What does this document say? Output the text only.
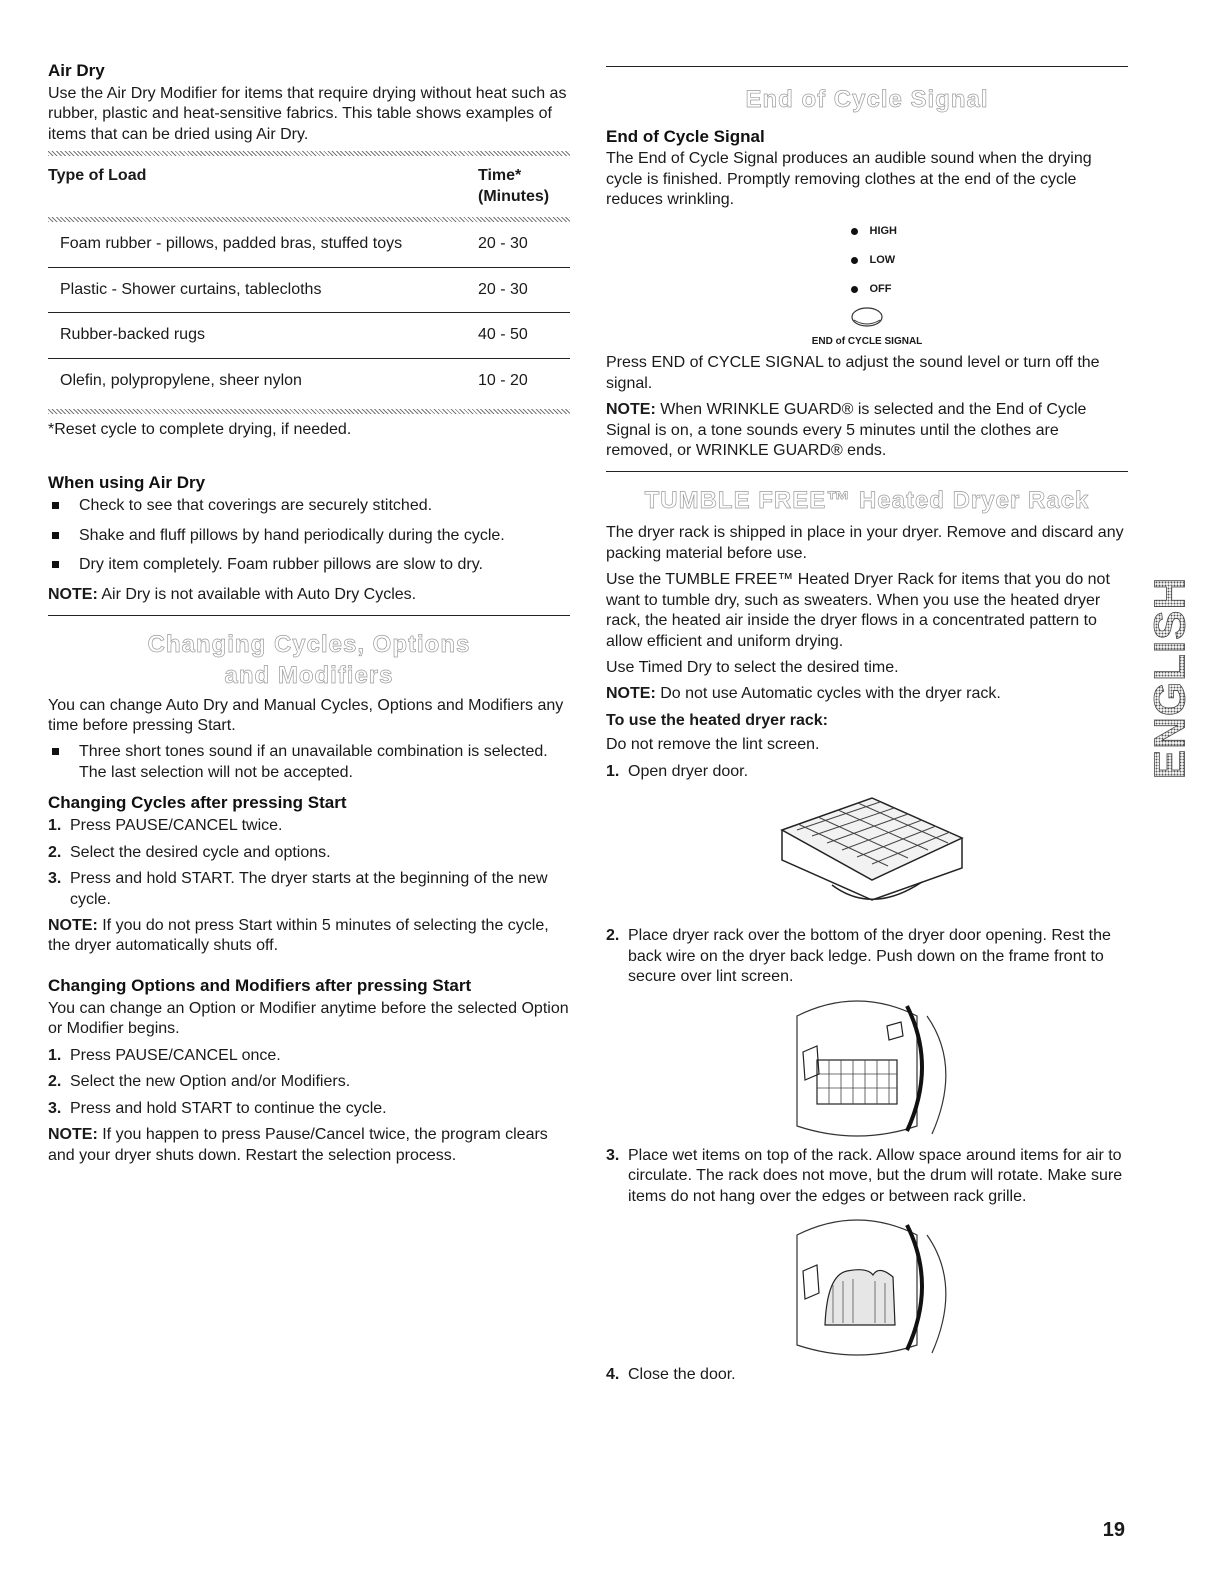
Air Dry

Use the Air Dry Modifier for items that require drying without heat such as rubber, plastic and heat-sensitive fabrics. This table shows examples of items that can be dried using Air Dry.

Type of Load	Time*
(Minutes)

Foam rubber - pillows, padded bras, stuffed toys	20 - 30
Plastic - Shower curtains, tablecloths	20 - 30
Rubber-backed rugs	40 - 50
Olefin, polypropylene, sheer nylon	10 - 20

*Reset cycle to complete drying, if needed.

When using Air Dry
Check to see that coverings are securely stitched.
Shake and fluff pillows by hand periodically during the cycle.
Dry item completely. Foam rubber pillows are slow to dry.

NOTE: Air Dry is not available with Auto Dry Cycles.

Changing Cycles, Options
and Modifiers

You can change Auto Dry and Manual Cycles, Options and Modifiers any time before pressing Start.

Three short tones sound if an unavailable combination is selected. The last selection will not be accepted.
Changing Cycles after pressing Start
1. Press PAUSE/CANCEL twice.
2. Select the desired cycle and options.
3. Press and hold START. The dryer starts at the beginning of the new cycle.

NOTE: If you do not press Start within 5 minutes of selecting the cycle, the dryer automatically shuts off.

Changing Options and Modifiers after pressing Start

You can change an Option or Modifier anytime before the selected Option or Modifier begins.

1. Press PAUSE/CANCEL once.
2. Select the new Option and/or Modifiers.
3. Press and hold START to continue the cycle.

NOTE: If you happen to press Pause/Cancel twice, the program clears and your dryer shuts down. Restart the selection process.

End of Cycle Signal
End of Cycle Signal

The End of Cycle Signal produces an audible sound when the drying cycle is finished. Promptly removing clothes at the end of the cycle reduces wrinkling.

HIGH
LOW
OFF
END of CYCLE SIGNAL

Press END of CYCLE SIGNAL to adjust the sound level or turn off the signal.

NOTE: When WRINKLE GUARD® is selected and the End of Cycle Signal is on, a tone sounds every 5 minutes until the clothes are removed, or WRINKLE GUARD® ends.

TUMBLE FREE™ Heated Dryer Rack

The dryer rack is shipped in place in your dryer. Remove and discard any packing material before use.

Use the TUMBLE FREE™ Heated Dryer Rack for items that you do not want to tumble dry, such as sweaters. When you use the heated dryer rack, the heated air inside the dryer flows in a concentrated pattern to allow efficient and uniform drying.

Use Timed Dry to select the desired time.

NOTE: Do not use Automatic cycles with the dryer rack.

To use the heated dryer rack:

Do not remove the lint screen.

1. Open dryer door.
2. Place dryer rack over the bottom of the dryer door opening. Rest the back wire on the dryer back ledge. Push down on the frame front to secure over lint screen.
3. Place wet items on top of the rack. Allow space around items for air to circulate. The rack does not move, but the drum will rotate. Make sure items do not hang over the edges or between rack grille.
4. Close the door.
ENGLISH
19
